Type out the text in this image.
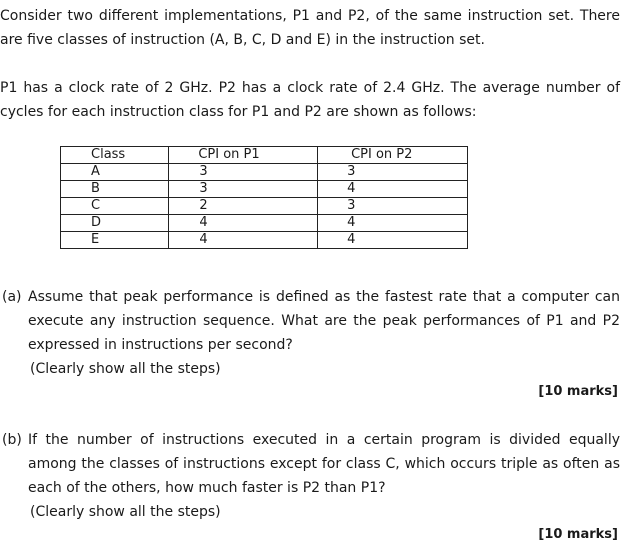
Consider two different implementations, P1 and P2, of the same instruction set. There are five classes of instruction (A, B, C, D and E) in the instruction set.

P1 has a clock rate of 2 GHz. P2 has a clock rate of 2.4 GHz. The average number of cycles for each instruction class for P1 and P2 are shown as follows:

Class	CPI on P1	CPI on P2
A	3	3
B	3	4
C	2	3
D	4	4
E	4	4
(a) Assume that peak performance is defined as the fastest rate that a computer can execute any instruction sequence. What are the peak performances of P1 and P2 expressed in instructions per second?
(Clearly show all the steps)
[10 marks]
(b) If the number of instructions executed in a certain program is divided equally among the classes of instructions except for class C, which occurs triple as often as each of the others, how much faster is P2 than P1?
(Clearly show all the steps)
[10 marks]
